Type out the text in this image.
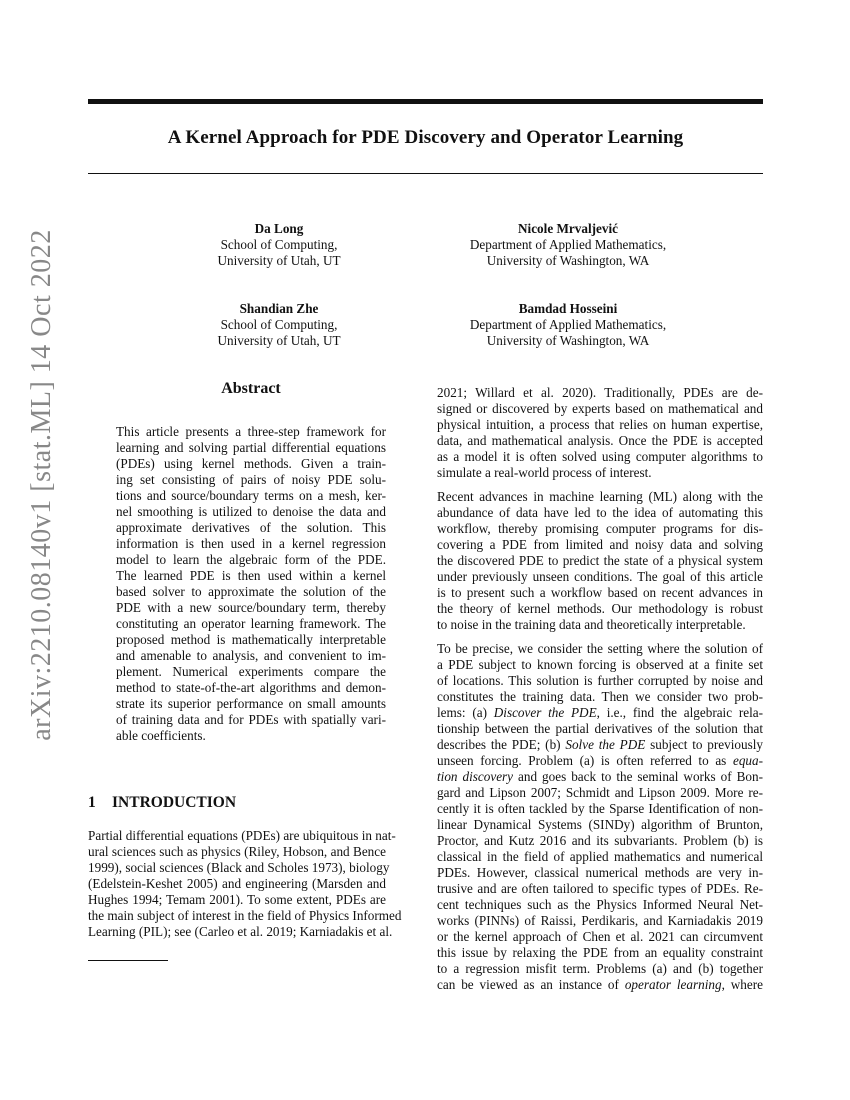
A Kernel Approach for PDE Discovery and Operator Learning
arXiv:2210.08140v1 [stat.ML] 14 Oct 2022
Da Long
School of Computing,
University of Utah, UT
Nicole Mrvaljević
Department of Applied Mathematics,
University of Washington, WA
Shandian Zhe
School of Computing,
University of Utah, UT
Bamdad Hosseini
Department of Applied Mathematics,
University of Washington, WA
Abstract
This article presents a three-step framework for
learning and solving partial differential equations
(PDEs) using kernel methods. Given a train-
ing set consisting of pairs of noisy PDE solu-
tions and source/boundary terms on a mesh, ker-
nel smoothing is utilized to denoise the data and
approximate derivatives of the solution. This
information is then used in a kernel regression
model to learn the algebraic form of the PDE.
The learned PDE is then used within a kernel
based solver to approximate the solution of the
PDE with a new source/boundary term, thereby
constituting an operator learning framework. The
proposed method is mathematically interpretable
and amenable to analysis, and convenient to im-
plement. Numerical experiments compare the
method to state-of-the-art algorithms and demon-
strate its superior performance on small amounts
of training data and for PDEs with spatially vari-
able coefficients.
1 INTRODUCTION
Partial differential equations (PDEs) are ubiquitous in nat-
ural sciences such as physics (Riley, Hobson, and Bence
1999), social sciences (Black and Scholes 1973), biology
(Edelstein-Keshet 2005) and engineering (Marsden and
Hughes 1994; Temam 2001). To some extent, PDEs are
the main subject of interest in the field of Physics Informed
Learning (PIL); see (Carleo et al. 2019; Karniadakis et al.

2021; Willard et al. 2020). Traditionally, PDEs are de-
signed or discovered by experts based on mathematical and
physical intuition, a process that relies on human expertise,
data, and mathematical analysis. Once the PDE is accepted
as a model it is often solved using computer algorithms to
simulate a real-world process of interest.

Recent advances in machine learning (ML) along with the
abundance of data have led to the idea of automating this
workflow, thereby promising computer programs for dis-
covering a PDE from limited and noisy data and solving
the discovered PDE to predict the state of a physical system
under previously unseen conditions. The goal of this article
is to present such a workflow based on recent advances in
the theory of kernel methods. Our methodology is robust
to noise in the training data and theoretically interpretable.

To be precise, we consider the setting where the solution of
a PDE subject to known forcing is observed at a finite set
of locations. This solution is further corrupted by noise and
constitutes the training data. Then we consider two prob-
lems: (a) Discover the PDE, i.e., find the algebraic rela-
tionship between the partial derivatives of the solution that
describes the PDE; (b) Solve the PDE subject to previously
unseen forcing. Problem (a) is often referred to as equa-
tion discovery and goes back to the seminal works of Bon-
gard and Lipson 2007; Schmidt and Lipson 2009. More re-
cently it is often tackled by the Sparse Identification of non-
linear Dynamical Systems (SINDy) algorithm of Brunton,
Proctor, and Kutz 2016 and its subvariants. Problem (b) is
classical in the field of applied mathematics and numerical
PDEs. However, classical numerical methods are very in-
trusive and are often tailored to specific types of PDEs. Re-
cent techniques such as the Physics Informed Neural Net-
works (PINNs) of Raissi, Perdikaris, and Karniadakis 2019
or the kernel approach of Chen et al. 2021 can circumvent
this issue by relaxing the PDE from an equality constraint
to a regression misfit term. Problems (a) and (b) together
can be viewed as an instance of operator learning, where
